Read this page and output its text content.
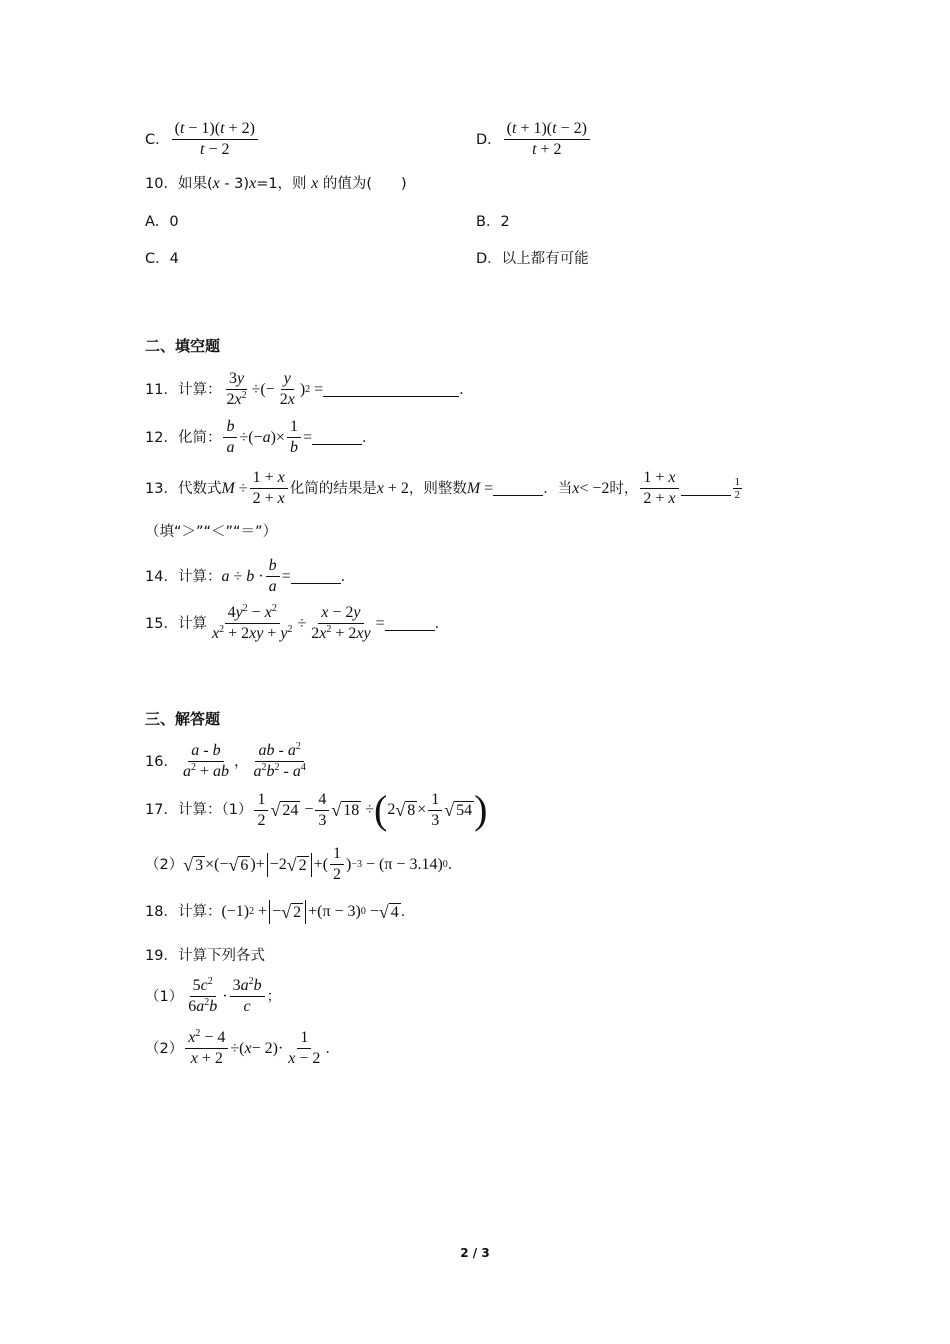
C． $\frac{(t - 1)(t + 2)}{t - 2}$	D． $\frac{(t + 1)(t - 2)}{t + 2}$
10．如果(x ‐ 3)x=1，则 x 的值为(　　)
A．0	B．2
C．4	D．以上都有可能
二、填空题
11． 计算： $\frac{3y}{2x^2}$ ÷(− $\frac{y}{2x}$ ) 2 =	．
12． 化简： $\frac{b}{a}$ ÷(− a )× $\frac{1}{b}$ =	．
13． 代数式 $M \div \frac{1 + x}{2 + x}$ 化简的结果是 x + 2 ，则整数 M =	．当 x< −2 时， $\frac{1 + x}{2 + x}$	$\frac{1}{2}$
（填“＞”“＜”“＝”）
14． 计算： $a \div b \cdot \frac{b}{a}$ =	．
15． 计算 $\frac{4y^2 - x^2}{x^2 + 2xy + y^2} \div \frac{x - 2y}{2x^2 + 2xy}$ =	．
三、解答题
16． $\frac{a - b}{a^2 + ab}$ ， $\frac{ab - a^2}{a^2b^2 - a^4}$
17． 计算：$(1) \frac{1}{2}$ √ $24 - \frac{4}{3}$ √ 18 ÷ ( 2 √ $8 \times \frac{1}{3}$ √ 54 )
（2） √ 3 ×(− √ 6 )+ −2 √ 2 +( $\frac{1}{2}$ ) −3 − (π − 3.14) 0 ．
18． 计算： (−1) 2 + − √ 2 +(π − 3) 0 − √ 4 ．
19．计算下列各式
$(1) \frac{5c^2}{6a^2b} \cdot \frac{3a^2b}{c}$ ；
$(2) \frac{x^2 - 4}{x + 2}$ ÷( $x - 2)\cdot \frac{1}{x - 2}$ ．
2 / 3
